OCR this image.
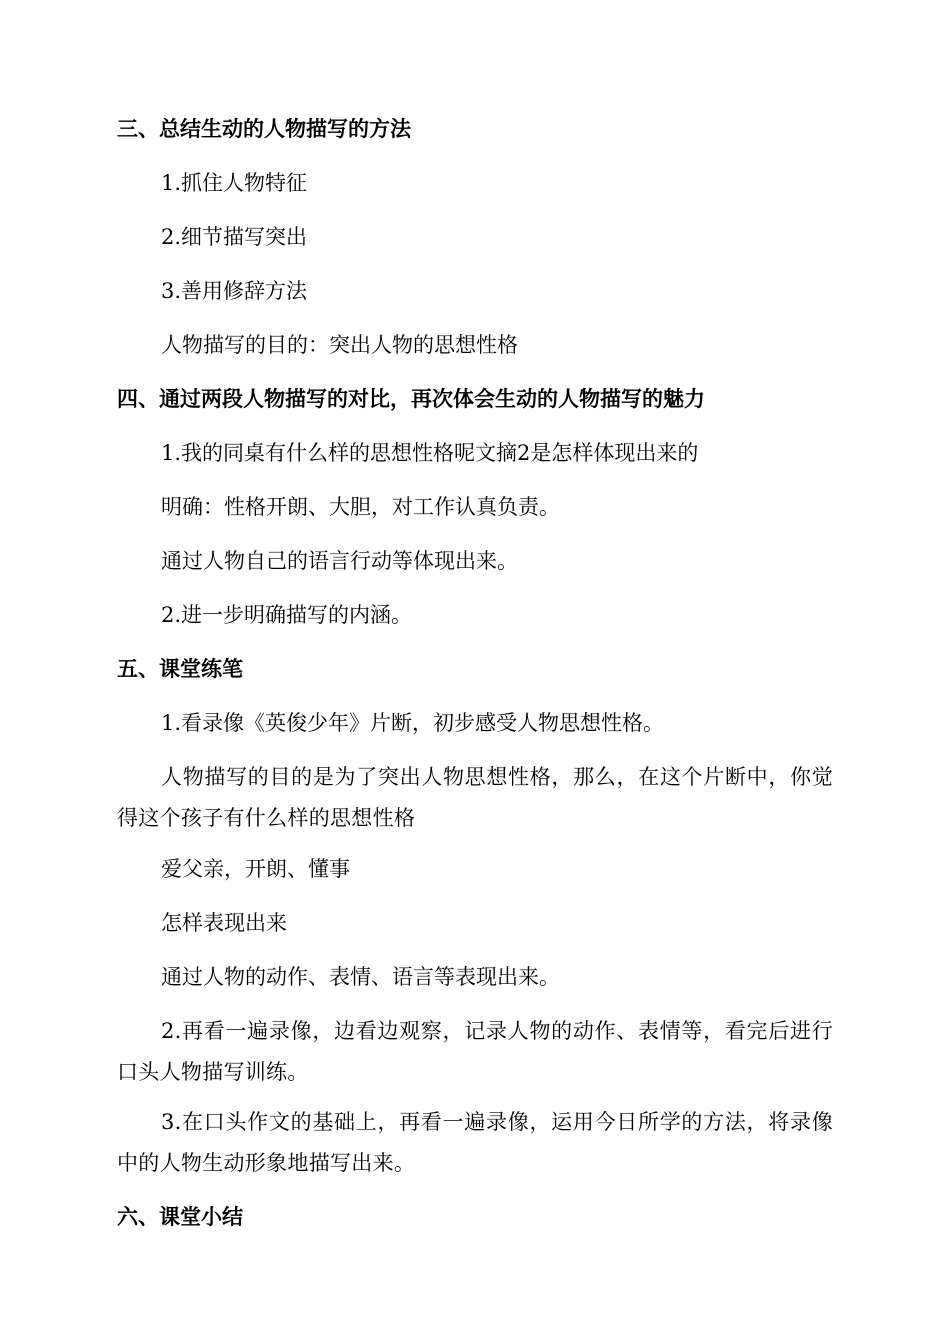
三、总结生动的人物描写的方法
1.抓住人物特征
2.细节描写突出
3.善用修辞方法
人物描写的目的：突出人物的思想性格
四、通过两段人物描写的对比，再次体会生动的人物描写的魅力
1.我的同桌有什么样的思想性格呢文摘2是怎样体现出来的
明确：性格开朗、大胆，对工作认真负责。
通过人物自己的语言行动等体现出来。
2.进一步明确描写的内涵。
五、课堂练笔
1.看录像《英俊少年》片断，初步感受人物思想性格。
人物描写的目的是为了突出人物思想性格，那么，在这个片断中，你觉得这个孩子有什么样的思想性格
爱父亲，开朗、懂事
怎样表现出来
通过人物的动作、表情、语言等表现出来。
2.再看一遍录像，边看边观察，记录人物的动作、表情等，看完后进行口头人物描写训练。
3.在口头作文的基础上，再看一遍录像，运用今日所学的方法，将录像中的人物生动形象地描写出来。
六、课堂小结
